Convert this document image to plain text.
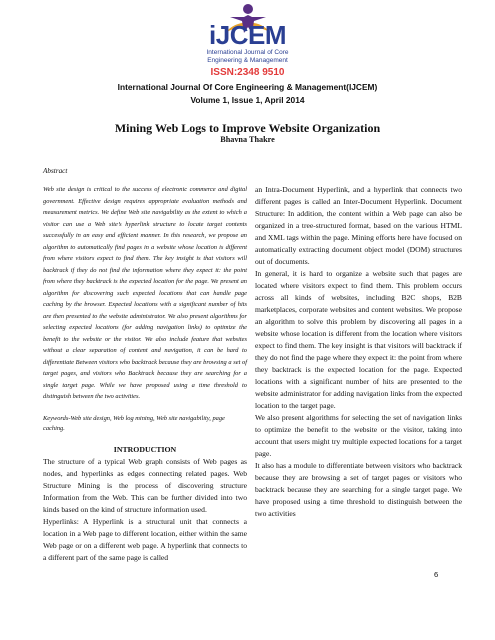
iJCEM
International Journal of Core
Engineering & Management
ISSN:2348 9510
International Journal Of Core Engineering & Management(IJCEM)
Volume 1, Issue 1, April 2014
Mining Web Logs to Improve Website Organization
Bhavna Thakre
Abstract
Web site design is critical to the success of electronic commerce and digital government. Effective design requires appropriate evaluation methods and measurement metrics. We define Web site navigability as the extent to which a visitor can use a Web site’s hyperlink structure to locate target contents successfully in an easy and efficient manner. In this research, we propose an algorithm to automatically find pages in a website whose location is different from where visitors expect to find them. The key insight is that visitors will backtrack if they do not find the information where they expect it: the point from where they backtrack is the expected location for the page. We present an algorithm for discovering such expected locations that can handle page caching by the browser. Expected locations with a significant number of hits are then presented to the website administrator. We also present algorithms for selecting expected locations (for adding navigation links) to optimize the benefit to the website or the visitor. We also include feature that websites without a clear separation of content and navigation, it can be hard to differentiate Between visitors who backtrack because they are browsing a set of target pages, and visitors who Backtrack because they are searching for a single target page. While we have proposed using a time threshold to distinguish between the two activities.
Keywords-Web site design, Web log mining, Web site navigability, page caching.
INTRODUCTION
The structure of a typical Web graph consists of Web pages as nodes, and hyperlinks as edges connecting related pages. Web Structure Mining is the process of discovering structure Information from the Web. This can be further divided into two kinds based on the kind of structure information used.
Hyperlinks: A Hyperlink is a structural unit that connects a location in a Web page to different location, either within the same Web page or on a different web page. A hyperlink that connects to a different part of the same page is called
an Intra-Document Hyperlink, and a hyperlink that connects two different pages is called an Inter-Document Hyperlink. Document Structure: In addition, the content within a Web page can also be organized in a tree-structured format, based on the various HTML and XML tags within the page. Mining efforts here have focused on automatically extracting document object model (DOM) structures out of documents.
In general, it is hard to organize a website such that pages are located where visitors expect to find them. This problem occurs across all kinds of websites, including B2C shops, B2B marketplaces, corporate websites and content websites. We propose an algorithm to solve this problem by discovering all pages in a website whose location is different from the location where visitors expect to find them. The key insight is that visitors will backtrack if they do not find the page where they expect it: the point from where they backtrack is the expected location for the page. Expected locations with a significant number of hits are presented to the website administrator for adding navigation links from the expected location to the target page.
We also present algorithms for selecting the set of navigation links to optimize the benefit to the website or the visitor, taking into account that users might try multiple expected locations for a target page.
It also has a module to differentiate between visitors who backtrack because they are browsing a set of target pages or visitors who backtrack because they are searching for a single target page. We have proposed using a time threshold to distinguish between the two activities
6
